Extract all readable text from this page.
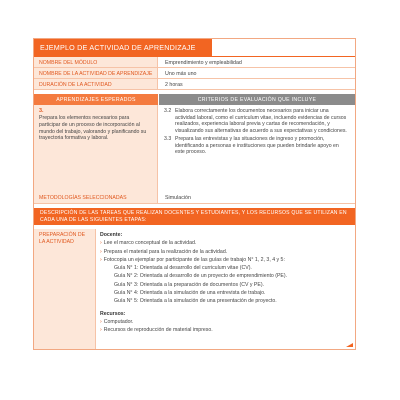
EJEMPLO DE ACTIVIDAD DE APRENDIZAJE
NOMBRE DEL MÓDULO	Emprendimiento y empleabilidad
NOMBRE DE LA ACTIVIDAD DE APRENDIZAJE	Uno más uno
DURACIÓN DE LA ACTIVIDAD	2 horas
APRENDIZAJES ESPERADOS	CRITERIOS DE EVALUACIÓN QUE INCLUYE
3.
Prepara los elementos necesarios para participar de un proceso de incorporación al mundo del trabajo, valorando y planificando su trayectoria formativa y laboral.
3.2 Elabora correctamente los documentos necesarios para iniciar una actividad laboral, como el curriculum vitae, incluendo evidencias de cursos realizados, experiencia laboral previa y cartas de recomendación, y visualizando sus alternativas de acuerdo a sus expectativas y condiciones.
3.3 Prepara las entrevistas y las situaciones de ingreso y promoción, identificando a personas e instituciones que pueden brindarle apoyo en este proceso.
METODOLOGÍAS SELECCIONADAS	Simulación
DESCRIPCIÓN DE LAS TAREAS QUE REALIZAN DOCENTES Y ESTUDIANTES, Y LOS RECURSOS QUE SE UTILIZAN EN CADA UNA DE LAS SIGUIENTES ETAPAS:
PREPARACIÓN DE LA ACTIVIDAD
Docente:
› Lee el marco conceptual de la actividad.
› Prepara el material para la realización de la actividad.
› Fotocopia un ejemplar por participante de las guías de trabajo N° 1, 2, 3, 4 y 5:
Guía N° 1: Orientada al desarrollo del curriculum vitae (CV).
Guía N° 2: Orientada al desarrollo de un proyecto de emprendimiento (PE).
Guía N° 3: Orientada a la preparación de documentos (CV y PE).
Guía N° 4: Orientada a la simulación de una entrevista de trabajo.
Guía N° 5: Orientada a la simulación de una presentación de proyecto.
Recursos:
› Computador.
› Recursos de reproducción de material impreso.
